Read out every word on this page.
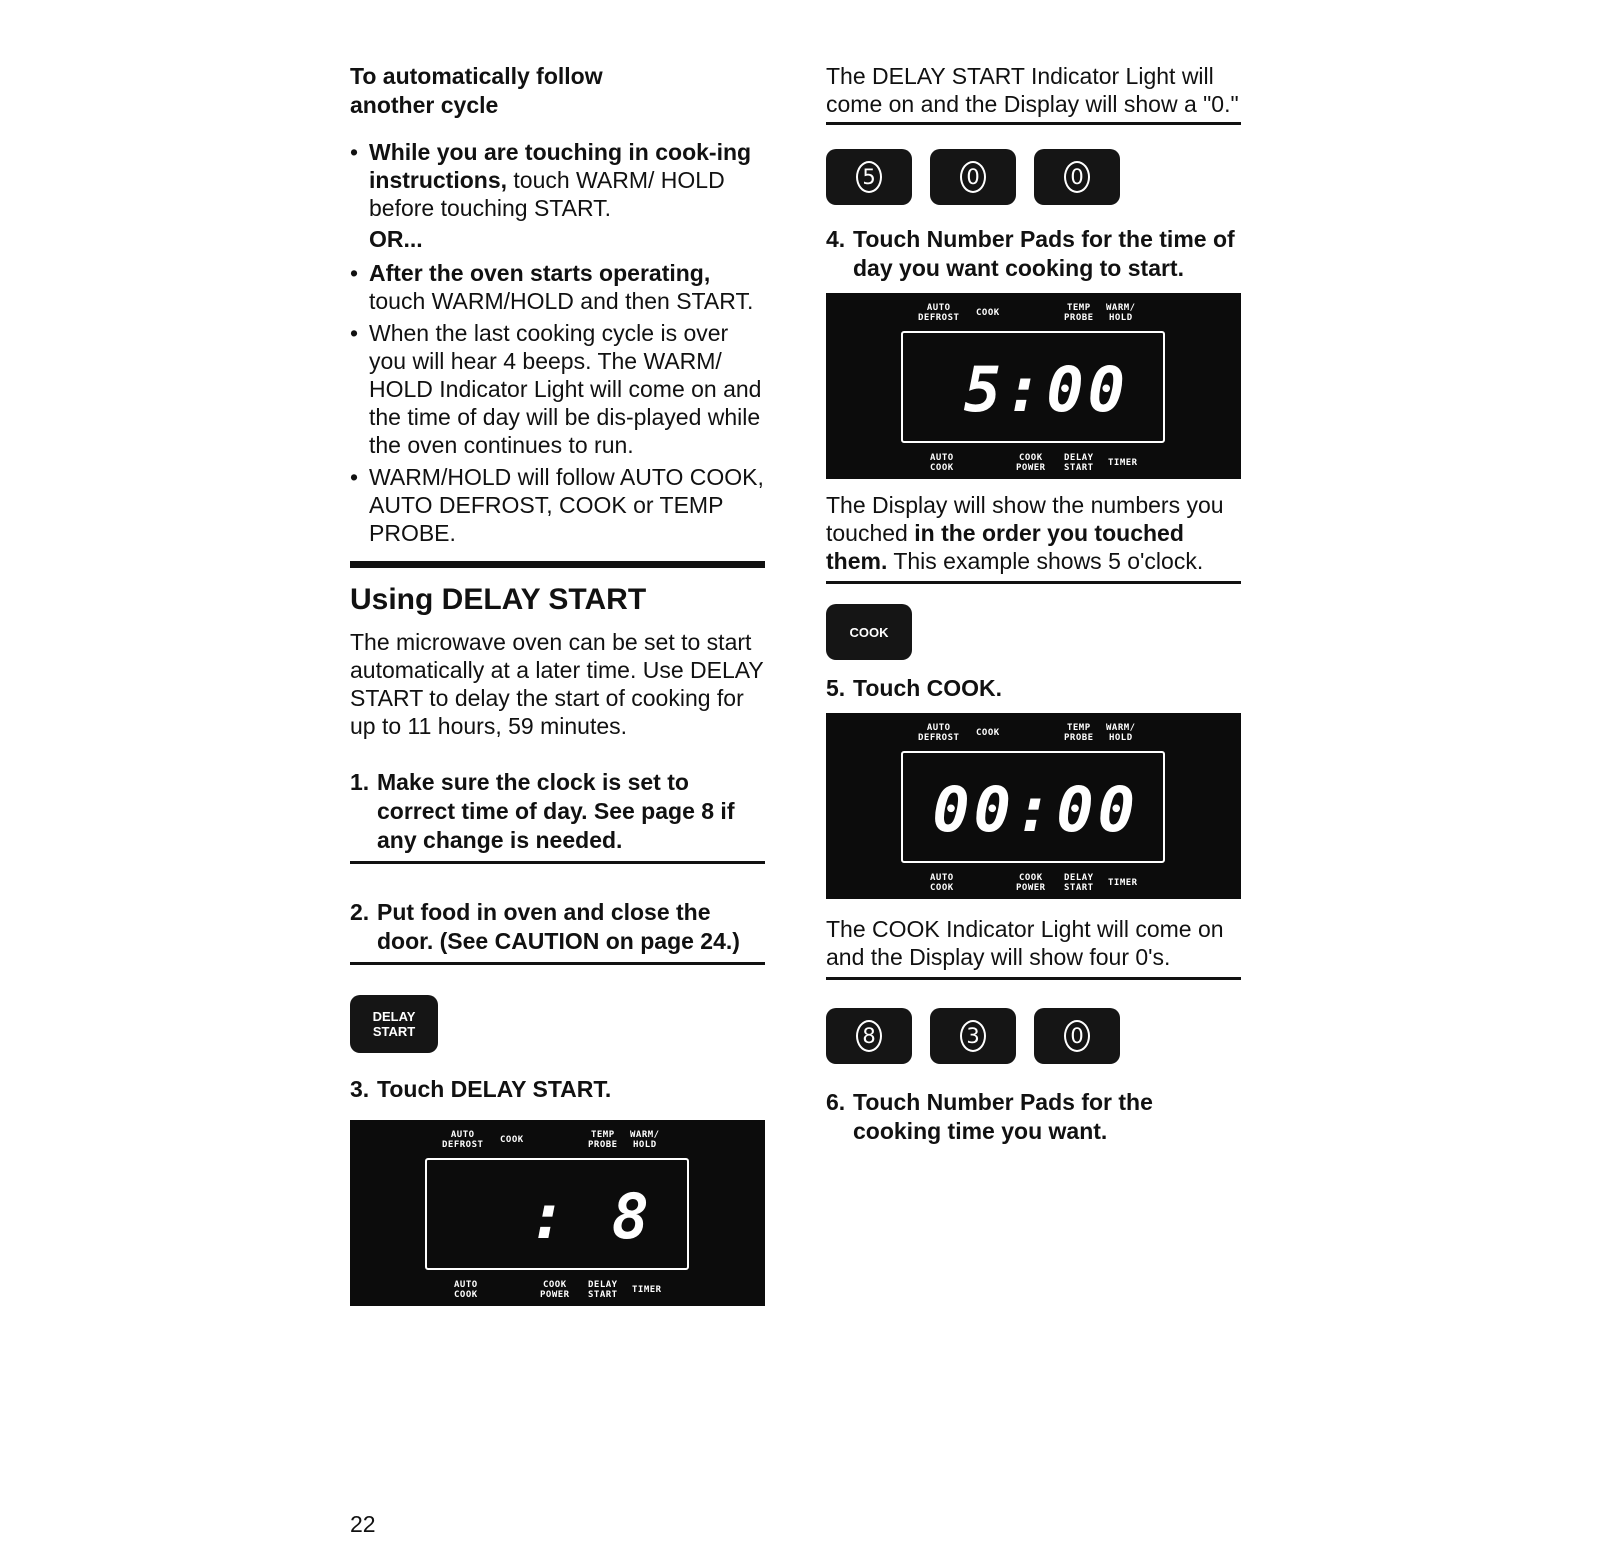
To automatically follow
another cycle
• While you are touching in cook-ing instructions, touch WARM/ HOLD before touching START.
OR...
• After the oven starts operating, touch WARM/HOLD and then START.
• When the last cooking cycle is over you will hear 4 beeps. The WARM/ HOLD Indicator Light will come on and the time of day will be dis-played while the oven continues to run.
• WARM/HOLD will follow AUTO COOK, AUTO DEFROST, COOK or TEMP PROBE.
Using DELAY START
The microwave oven can be set to start automatically at a later time. Use DELAY START to delay the start of cooking for up to 11 hours, 59 minutes.
1. Make sure the clock is set to correct time of day. See page 8 if any change is needed.
2. Put food in oven and close the door. (See CAUTION on page 24.)
DELAY
START
3. Touch DELAY START.
AUTO
DEFROST COOK	TEMP
PROBE
WARM/
HOLD
: 8
AUTO
COOK
COOK
POWER
DELAY
START TIMER
The DELAY START Indicator Light will come on and the Display will show a "0."
5	0	0
4. Touch Number Pads for the time of day you want cooking to start.
AUTO
DEFROST COOK	TEMP
PROBE
WARM/
HOLD
5:00
AUTO
COOK
COOK
POWER
DELAY
START TIMER
The Display will show the numbers you touched in the order you touched them. This example shows 5 o'clock.
COOK
5. Touch COOK.
AUTO
DEFROST COOK	TEMP
PROBE
WARM/
HOLD
00:00
AUTO
COOK
COOK
POWER
DELAY
START TIMER
The COOK Indicator Light will come on and the Display will show four 0's.
8	3	0
6. Touch Number Pads for the cooking time you want.
22
